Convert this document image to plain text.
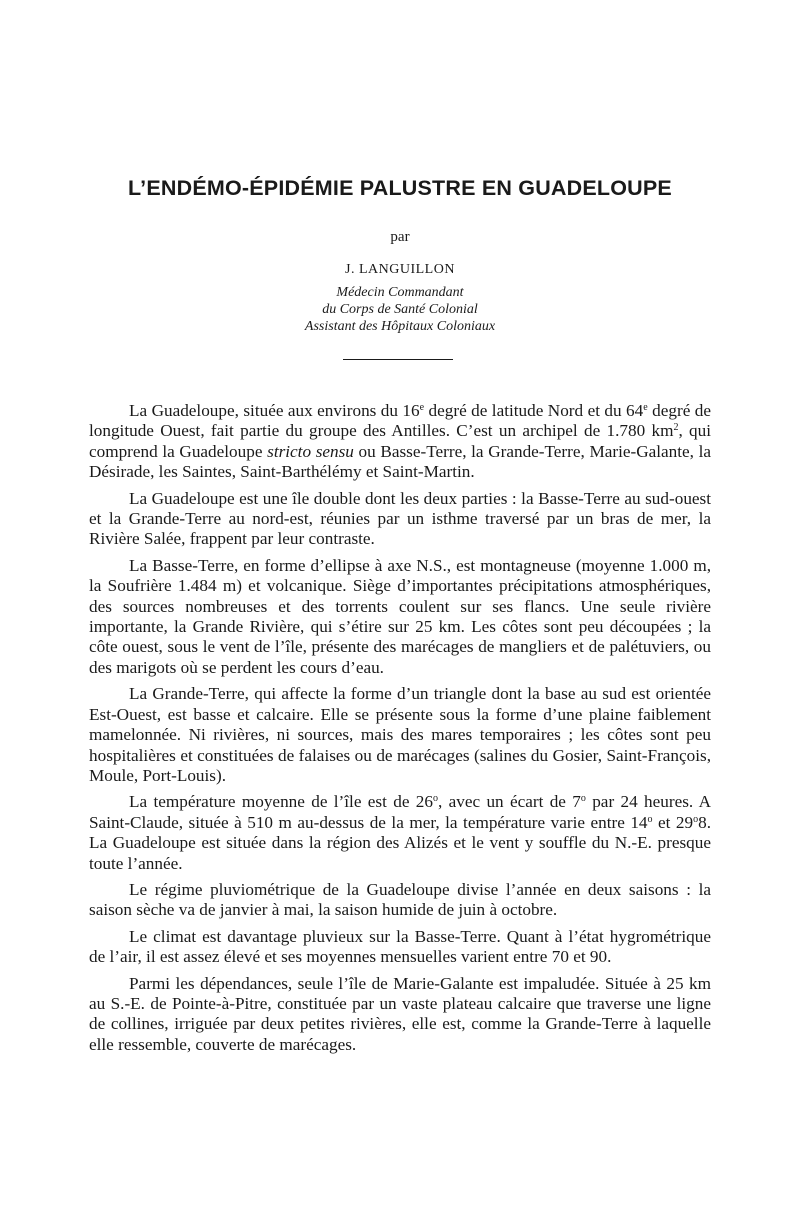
L’ENDÉMO-ÉPIDÉMIE PALUSTRE EN GUADELOUPE
par
J. LANGUILLON
Médecin Commandant
du Corps de Santé Colonial
Assistant des Hôpitaux Coloniaux

La Guadeloupe, située aux environs du 16e degré de latitude Nord et du 64e degré de longitude Ouest, fait partie du groupe des Antilles. C’est un archipel de 1.780 $km^2$, qui comprend la Guadeloupe stricto sensu ou Basse-Terre, la Grande-Terre, Marie-Galante, la Désirade, les Saintes, Saint-Barthélémy et Saint-Martin.

La Guadeloupe est une île double dont les deux parties : la Basse-Terre au sud-ouest et la Grande-Terre au nord-est, réunies par un isthme traversé par un bras de mer, la Rivière Salée, frappent par leur contraste.

La Basse-Terre, en forme d’ellipse à axe N.S., est montagneuse (moyenne 1.000 m, la Soufrière 1.484 m) et volcanique. Siège d’importantes précipitations atmosphériques, des sources nombreuses et des torrents coulent sur ses flancs. Une seule rivière importante, la Grande Rivière, qui s’étire sur 25 km. Les côtes sont peu découpées ; la côte ouest, sous le vent de l’île, présente des marécages de mangliers et de palétuviers, ou des marigots où se perdent les cours d’eau.

La Grande-Terre, qui affecte la forme d’un triangle dont la base au sud est orientée Est-Ouest, est basse et calcaire. Elle se présente sous la forme d’une plaine faiblement mamelonnée. Ni rivières, ni sources, mais des mares temporaires ; les côtes sont peu hospitalières et constituées de falaises ou de marécages (salines du Gosier, Saint-François, Moule, Port-Louis).

La température moyenne de l’île est de 26$^o$, avec un écart de 7$^o$ par 24 heures. A Saint-Claude, située à 510 m au-dessus de la mer, la température varie entre 14$^o$ et 29$^o$8. La Guadeloupe est située dans la région des Alizés et le vent y souffle du N.-E. presque toute l’année.

Le régime pluviométrique de la Guadeloupe divise l’année en deux saisons : la saison sèche va de janvier à mai, la saison humide de juin à octobre.

Le climat est davantage pluvieux sur la Basse-Terre. Quant à l’état hygrométrique de l’air, il est assez élevé et ses moyennes mensuelles varient entre 70 et 90.

Parmi les dépendances, seule l’île de Marie-Galante est impaludée. Située à 25 km au S.-E. de Pointe-à-Pitre, constituée par un vaste plateau calcaire que traverse une ligne de collines, irriguée par deux petites rivières, elle est, comme la Grande-Terre à laquelle elle ressemble, couverte de marécages.
